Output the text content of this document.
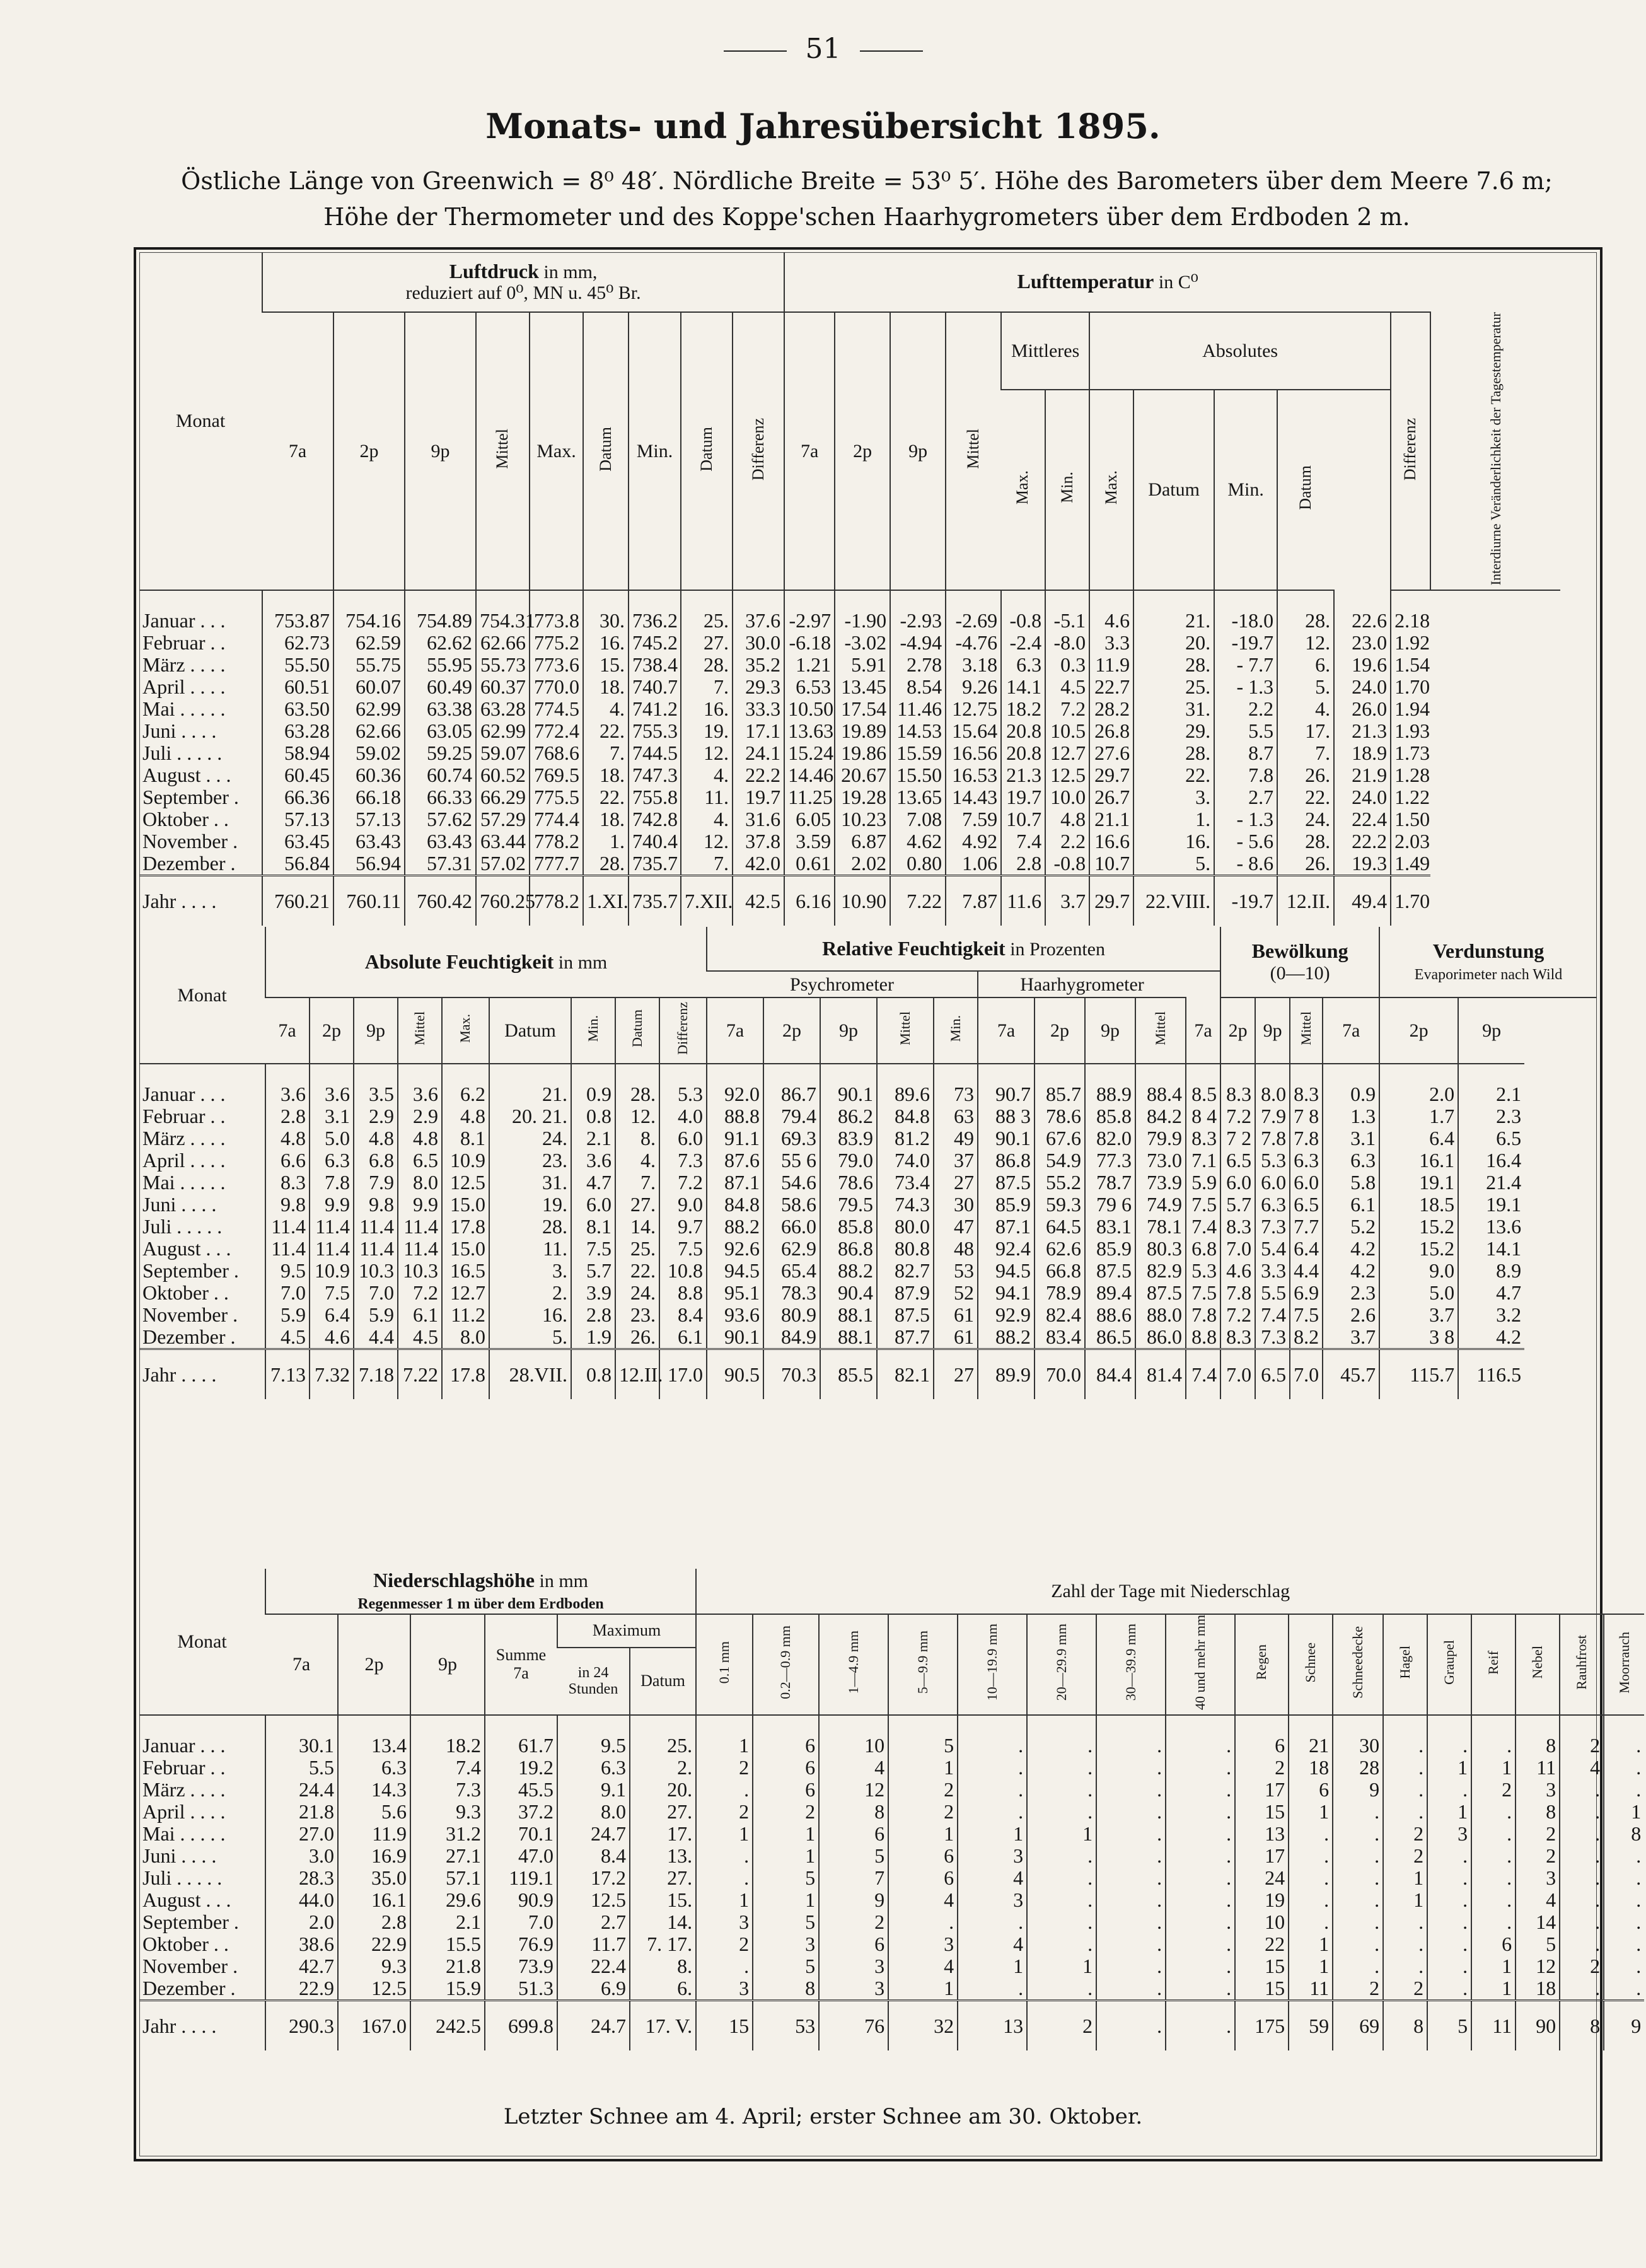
51
Monats- und Jahresübersicht 1895.
Östliche Länge von Greenwich = 8⁰ 48′. Nördliche Breite = 53⁰ 5′. Höhe des Barometers über dem Meere 7.6 m;
Höhe der Thermometer und des Koppe'schen Haarhygrometers über dem Erdboden 2 m.
Monat	Luftdruck in mm,
reduziert auf 0⁰, MN u. 45⁰ Br.									Lufttemperatur in C⁰												
	7a	2p	9p	Mittel	Max.	Datum	Min.	Datum	Differenz	7a	2p	9p	Mittel	Mittleres		Absolutes					Differenz	Interdiurne Veränderlichkeit der Tagestemperatur
														Max.	Min.	Max.	Datum	Min.	Datum			
Januar . . .	753.87	754.16	754.89	754.31	773.8	30.	736.2	25.	37.6	-2.97	-1.90	-2.93	-2.69	-0.8	-5.1	4.6	21.	-18.0	28.	22.6	2.18	
Februar . .	62.73	62.59	62.62	62.66	775.2	16.	745.2	27.	30.0	-6.18	-3.02	-4.94	-4.76	-2.4	-8.0	3.3	20.	-19.7	12.	23.0	1.92	
März . . . .	55.50	55.75	55.95	55.73	773.6	15.	738.4	28.	35.2	1.21	5.91	2.78	3.18	6.3	0.3	11.9	28.	- 7.7	6.	19.6	1.54	
April . . . .	60.51	60.07	60.49	60.37	770.0	18.	740.7	7.	29.3	6.53	13.45	8.54	9.26	14.1	4.5	22.7	25.	- 1.3	5.	24.0	1.70	
Mai . . . . .	63.50	62.99	63.38	63.28	774.5	4.	741.2	16.	33.3	10.50	17.54	11.46	12.75	18.2	7.2	28.2	31.	2.2	4.	26.0	1.94	
Juni . . . .	63.28	62.66	63.05	62.99	772.4	22.	755.3	19.	17.1	13.63	19.89	14.53	15.64	20.8	10.5	26.8	29.	5.5	17.	21.3	1.93	
Juli . . . . .	58.94	59.02	59.25	59.07	768.6	7.	744.5	12.	24.1	15.24	19.86	15.59	16.56	20.8	12.7	27.6	28.	8.7	7.	18.9	1.73	
August . . .	60.45	60.36	60.74	60.52	769.5	18.	747.3	4.	22.2	14.46	20.67	15.50	16.53	21.3	12.5	29.7	22.	7.8	26.	21.9	1.28	
September .	66.36	66.18	66.33	66.29	775.5	22.	755.8	11.	19.7	11.25	19.28	13.65	14.43	19.7	10.0	26.7	3.	2.7	22.	24.0	1.22	
Oktober . .	57.13	57.13	57.62	57.29	774.4	18.	742.8	4.	31.6	6.05	10.23	7.08	7.59	10.7	4.8	21.1	1.	- 1.3	24.	22.4	1.50	
November .	63.45	63.43	63.43	63.44	778.2	1.	740.4	12.	37.8	3.59	6.87	4.62	4.92	7.4	2.2	16.6	16.	- 5.6	28.	22.2	2.03	
Dezember .	56.84	56.94	57.31	57.02	777.7	28.	735.7	7.	42.0	0.61	2.02	0.80	1.06	2.8	-0.8	10.7	5.	- 8.6	26.	19.3	1.49	
Jahr . . . .	760.21	760.11	760.42	760.25	778.2	1.XI.	735.7	7.XII.	42.5	6.16	10.90	7.22	7.87	11.6	3.7	29.7	22.VIII.	-19.7	12.II.	49.4	1.70	
Monat	Absolute Feuchtigkeit in mm									Relative Feuchtigkeit in Prozenten										Bewölkung
(0—10)				Verdunstung
Evaporimeter nach Wild	
										Psychrometer					Haarhygrometer										
	7a	2p	9p	Mittel	Max.	Datum	Min.	Datum	Differenz	7a	2p	9p	Mittel	Min.	7a	2p	9p	Mittel	7a	2p	9p	Mittel	7a	2p	9p
Januar . . .	3.6	3.6	3.5	3.6	6.2	21.	0.9	28.	5.3	92.0	86.7	90.1	89.6	73	90.7	85.7	88.9	88.4	8.5	8.3	8.0	8.3	0.9	2.0	2.1
Februar . .	2.8	3.1	2.9	2.9	4.8	20. 21.	0.8	12.	4.0	88.8	79.4	86.2	84.8	63	88 3	78.6	85.8	84.2	8 4	7.2	7.9	7 8	1.3	1.7	2.3
März . . . .	4.8	5.0	4.8	4.8	8.1	24.	2.1	8.	6.0	91.1	69.3	83.9	81.2	49	90.1	67.6	82.0	79.9	8.3	7 2	7.8	7.8	3.1	6.4	6.5
April . . . .	6.6	6.3	6.8	6.5	10.9	23.	3.6	4.	7.3	87.6	55 6	79.0	74.0	37	86.8	54.9	77.3	73.0	7.1	6.5	5.3	6.3	6.3	16.1	16.4
Mai . . . . .	8.3	7.8	7.9	8.0	12.5	31.	4.7	7.	7.2	87.1	54.6	78.6	73.4	27	87.5	55.2	78.7	73.9	5.9	6.0	6.0	6.0	5.8	19.1	21.4
Juni . . . .	9.8	9.9	9.8	9.9	15.0	19.	6.0	27.	9.0	84.8	58.6	79.5	74.3	30	85.9	59.3	79 6	74.9	7.5	5.7	6.3	6.5	6.1	18.5	19.1
Juli . . . . .	11.4	11.4	11.4	11.4	17.8	28.	8.1	14.	9.7	88.2	66.0	85.8	80.0	47	87.1	64.5	83.1	78.1	7.4	8.3	7.3	7.7	5.2	15.2	13.6
August . . .	11.4	11.4	11.4	11.4	15.0	11.	7.5	25.	7.5	92.6	62.9	86.8	80.8	48	92.4	62.6	85.9	80.3	6.8	7.0	5.4	6.4	4.2	15.2	14.1
September .	9.5	10.9	10.3	10.3	16.5	3.	5.7	22.	10.8	94.5	65.4	88.2	82.7	53	94.5	66.8	87.5	82.9	5.3	4.6	3.3	4.4	4.2	9.0	8.9
Oktober . .	7.0	7.5	7.0	7.2	12.7	2.	3.9	24.	8.8	95.1	78.3	90.4	87.9	52	94.1	78.9	89.4	87.5	7.5	7.8	5.5	6.9	2.3	5.0	4.7
November .	5.9	6.4	5.9	6.1	11.2	16.	2.8	23.	8.4	93.6	80.9	88.1	87.5	61	92.9	82.4	88.6	88.0	7.8	7.2	7.4	7.5	2.6	3.7	3.2
Dezember .	4.5	4.6	4.4	4.5	8.0	5.	1.9	26.	6.1	90.1	84.9	88.1	87.7	61	88.2	83.4	86.5	86.0	8.8	8.3	7.3	8.2	3.7	3 8	4.2
Jahr . . . .	7.13	7.32	7.18	7.22	17.8	28.VII.	0.8	12.II.	17.0	90.5	70.3	85.5	82.1	27	89.9	70.0	84.4	81.4	7.4	7.0	6.5	7.0	45.7	115.7	116.5
Monat	Niederschlagshöhe in mm
Regenmesser 1 m über dem Erdboden						Zahl der Tage mit Niederschlag																
	7a	2p	9p	Summe 7a	Maximum		0.1 mm	0.2—0.9 mm	1—4.9 mm	5—9.9 mm	10—19.9 mm	20—29.9 mm	30—39.9 mm	40 und mehr mm	Regen	Schnee	Schneedecke	Hagel	Graupel	Reif	Nebel	Rauhfrost	Moorrauch
					in 24 Stunden	Datum																	
Januar . . .	30.1	13.4	18.2	61.7	9.5	25.	1	6	10	5	.	.	.	.	6	21	30	.	.	.	8	2	.
Februar . .	5.5	6.3	7.4	19.2	6.3	2.	2	6	4	1	.	.	.	.	2	18	28	.	1	1	11	4	.
März . . . .	24.4	14.3	7.3	45.5	9.1	20.	.	6	12	2	.	.	.	.	17	6	9	.	.	2	3	.	.
April . . . .	21.8	5.6	9.3	37.2	8.0	27.	2	2	8	2	.	.	.	.	15	1	.	.	1	.	8	.	1
Mai . . . . .	27.0	11.9	31.2	70.1	24.7	17.	1	1	6	1	1	1	.	.	13	.	.	2	3	.	2	.	8
Juni . . . .	3.0	16.9	27.1	47.0	8.4	13.	.	1	5	6	3	.	.	.	17	.	.	2	.	.	2	.	.
Juli . . . . .	28.3	35.0	57.1	119.1	17.2	27.	.	5	7	6	4	.	.	.	24	.	.	1	.	.	3	.	.
August . . .	44.0	16.1	29.6	90.9	12.5	15.	1	1	9	4	3	.	.	.	19	.	.	1	.	.	4	.	.
September .	2.0	2.8	2.1	7.0	2.7	14.	3	5	2	.	.	.	.	.	10	.	.	.	.	.	14	.	.
Oktober . .	38.6	22.9	15.5	76.9	11.7	7. 17.	2	3	6	3	4	.	.	.	22	1	.	.	.	6	5	.	.
November .	42.7	9.3	21.8	73.9	22.4	8.	.	5	3	4	1	1	.	.	15	1	.	.	.	1	12	2	.
Dezember .	22.9	12.5	15.9	51.3	6.9	6.	3	8	3	1	.	.	.	.	15	11	2	2	.	1	18	.	.
Jahr . . . .	290.3	167.0	242.5	699.8	24.7	17. V.	15	53	76	32	13	2	.	.	175	59	69	8	5	11	90	8	9
Letzter Schnee am 4. April; erster Schnee am 30. Oktober.
